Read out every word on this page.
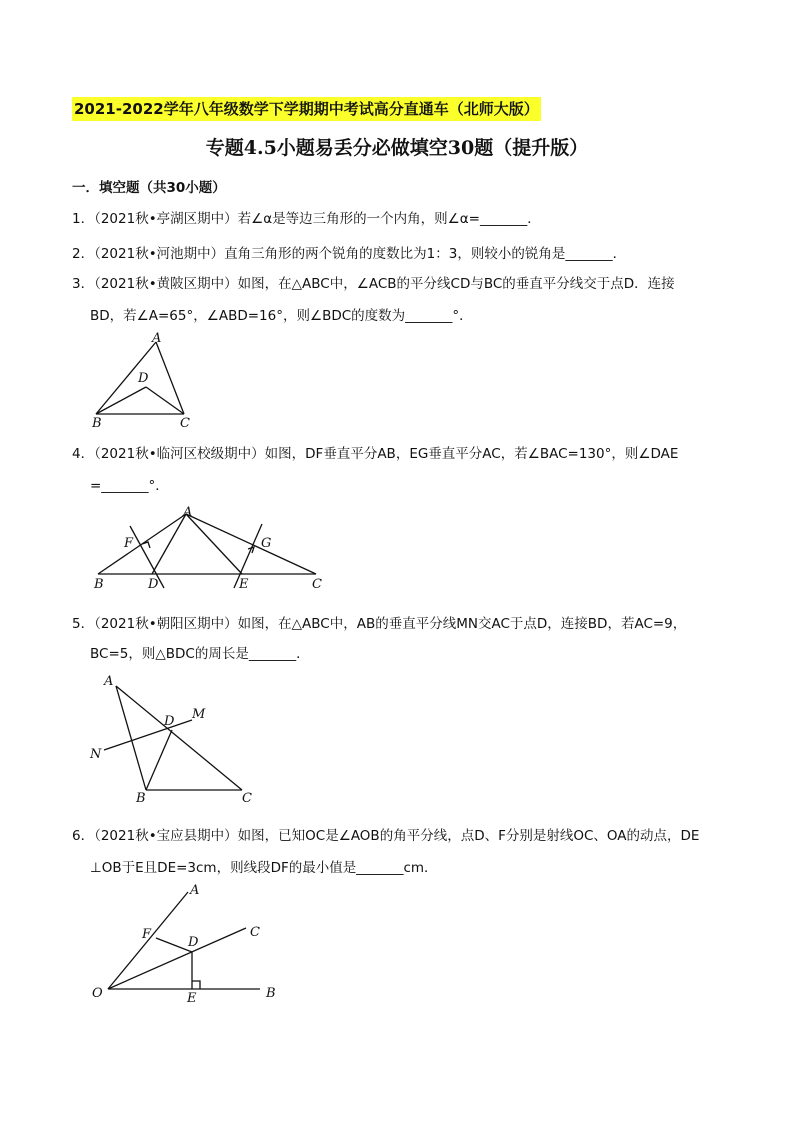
2021-2022学年八年级数学下学期期中考试高分直通车（北师大版）
专题4.5小题易丢分必做填空30题（提升版）
一．填空题（共30小题）
1．（2021秋•亭湖区期中）若∠α是等边三角形的一个内角，则∠α=_______．
2．（2021秋•河池期中）直角三角形的两个锐角的度数比为1：3，则较小的锐角是_______．
3．（2021秋•黄陂区期中）如图，在△ABC中，∠ACB的平分线CD与BC的垂直平分线交于点D．连接
BD，若∠A=65°，∠ABD=16°，则∠BDC的度数为_______°．
A
D
B	C
4．（2021秋•临河区校级期中）如图，DF垂直平分AB，EG垂直平分AC，若∠BAC=130°，则∠DAE
=_______°．
A
F	G
B	D	E	C
5．（2021秋•朝阳区期中）如图，在△ABC中，AB的垂直平分线MN交AC于点D，连接BD，若AC=9，
BC=5，则△BDC的周长是_______．
A
D M
N
B	C
6．（2021秋•宝应县期中）如图，已知OC是∠AOB的角平分线，点D、F分别是射线OC、OA的动点，DE
⊥OB于E且DE=3cm，则线段DF的最小值是_______cm．
A
C
F
D
O	E	B
